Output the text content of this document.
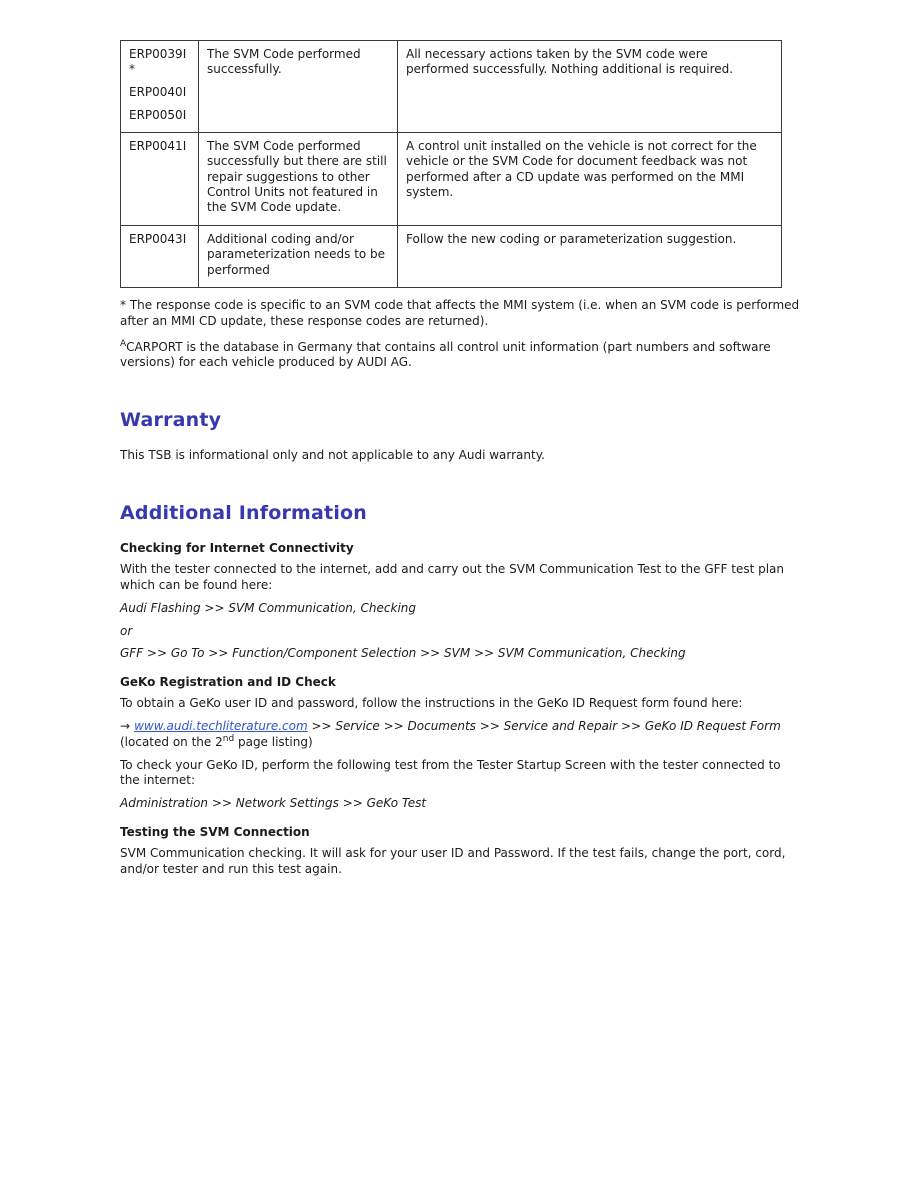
ERP0039I
*
ERP0040I
ERP0050I	The SVM Code performed successfully.	All necessary actions taken by the SVM code were performed successfully. Nothing additional is required.

ERP0041I	The SVM Code performed successfully but there are still repair suggestions to other Control Units not featured in the SVM Code update.	A control unit installed on the vehicle is not correct for the vehicle or the SVM Code for document feedback was not performed after a CD update was performed on the MMI system.

ERP0043I	Additional coding and/or parameterization needs to be performed	Follow the new coding or parameterization suggestion.

* The response code is specific to an SVM code that affects the MMI system (i.e. when an SVM code is performed after an MMI CD update, these response codes are returned).

$^A$CARPORT is the database in Germany that contains all control unit information (part numbers and software versions) for each vehicle produced by AUDI AG.

Warranty

This TSB is informational only and not applicable to any Audi warranty.

Additional Information

Checking for Internet Connectivity

With the tester connected to the internet, add and carry out the SVM Communication Test to the GFF test plan which can be found here:

Audi Flashing >> SVM Communication, Checking

or

GFF >> Go To >> Function/Component Selection >> SVM >> SVM Communication, Checking

GeKo Registration and ID Check

To obtain a GeKo user ID and password, follow the instructions in the GeKo ID Request form found here:

→ www.audi.techliterature.com >> Service >> Documents >> Service and Repair >> GeKo ID Request Form
(located on the 2nd page listing)

To check your GeKo ID, perform the following test from the Tester Startup Screen with the tester connected to the internet:

Administration >> Network Settings >> GeKo Test

Testing the SVM Connection

SVM Communication checking. It will ask for your user ID and Password. If the test fails, change the port, cord, and/or tester and run this test again.
